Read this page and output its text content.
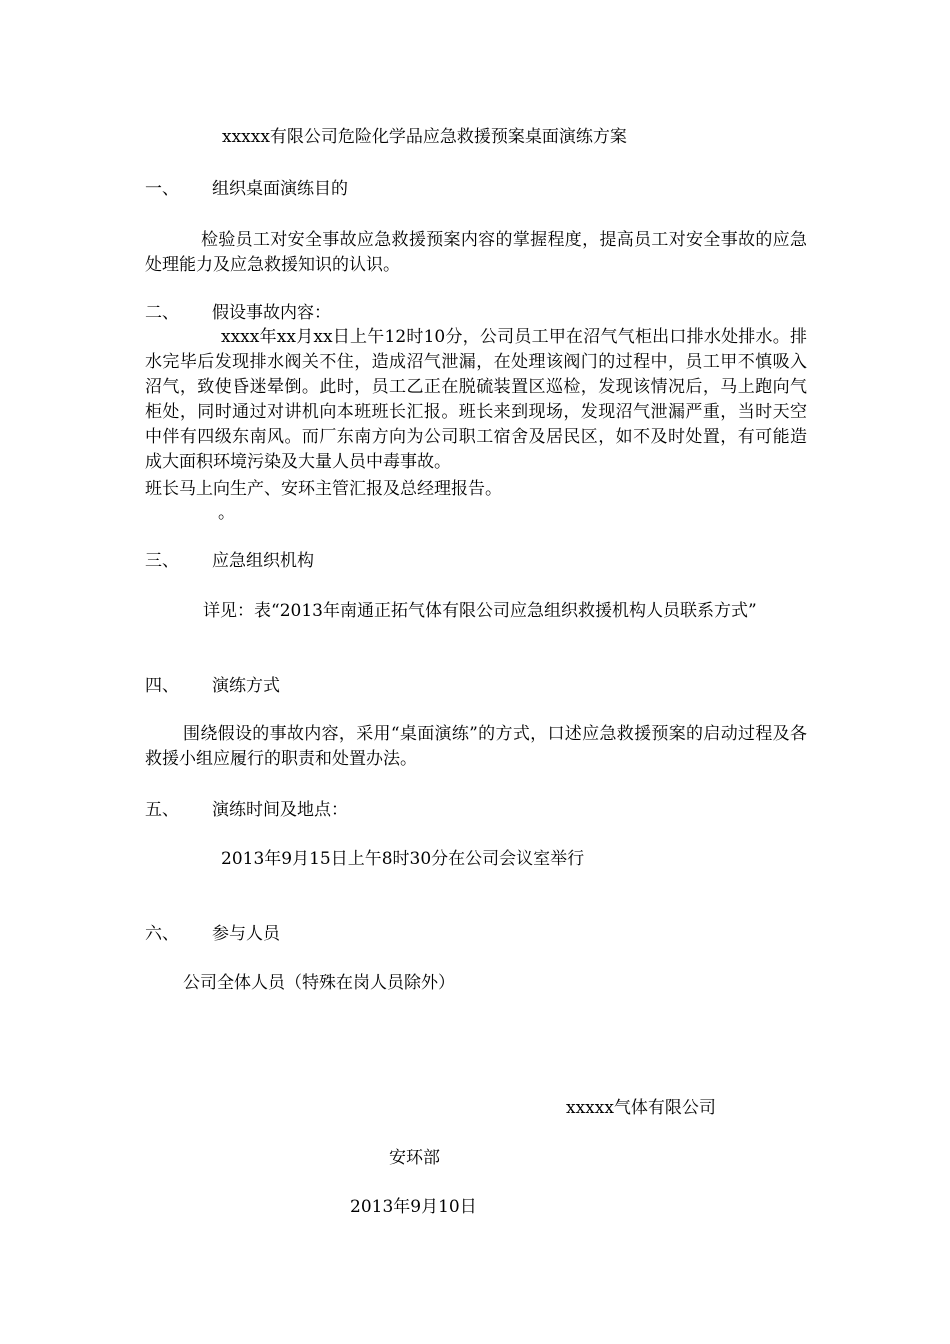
xxxxx有限公司危险化学品应急救援预案桌面演练方案
一、 组织桌面演练目的
检验员工对安全事故应急救援预案内容的掌握程度，提高员工对安全事故的应急处理能力及应急救援知识的认识。
二、 假设事故内容：
xxxx年xx月xx日上午12时10分，公司员工甲在沼气气柜出口排水处排水。排水完毕后发现排水阀关不住，造成沼气泄漏，在处理该阀门的过程中，员工甲不慎吸入沼气，致使昏迷晕倒。此时，员工乙正在脱硫装置区巡检，发现该情况后，马上跑向气柜处，同时通过对讲机向本班班长汇报。班长来到现场，发现沼气泄漏严重，当时天空中伴有四级东南风。而厂东南方向为公司职工宿舍及居民区，如不及时处置，有可能造成大面积环境污染及大量人员中毒事故。
班长马上向生产、安环主管汇报及总经理报告。
。
三、 应急组织机构
详见：表“2013年南通正拓气体有限公司应急组织救援机构人员联系方式”
四、 演练方式
围绕假设的事故内容，采用“桌面演练”的方式，口述应急救援预案的启动过程及各救援小组应履行的职责和处置办法。
五、 演练时间及地点：
2013年9月15日上午8时30分在公司会议室举行
六、 参与人员
公司全体人员（特殊在岗人员除外）
xxxxx气体有限公司
安环部
2013年9月10日
